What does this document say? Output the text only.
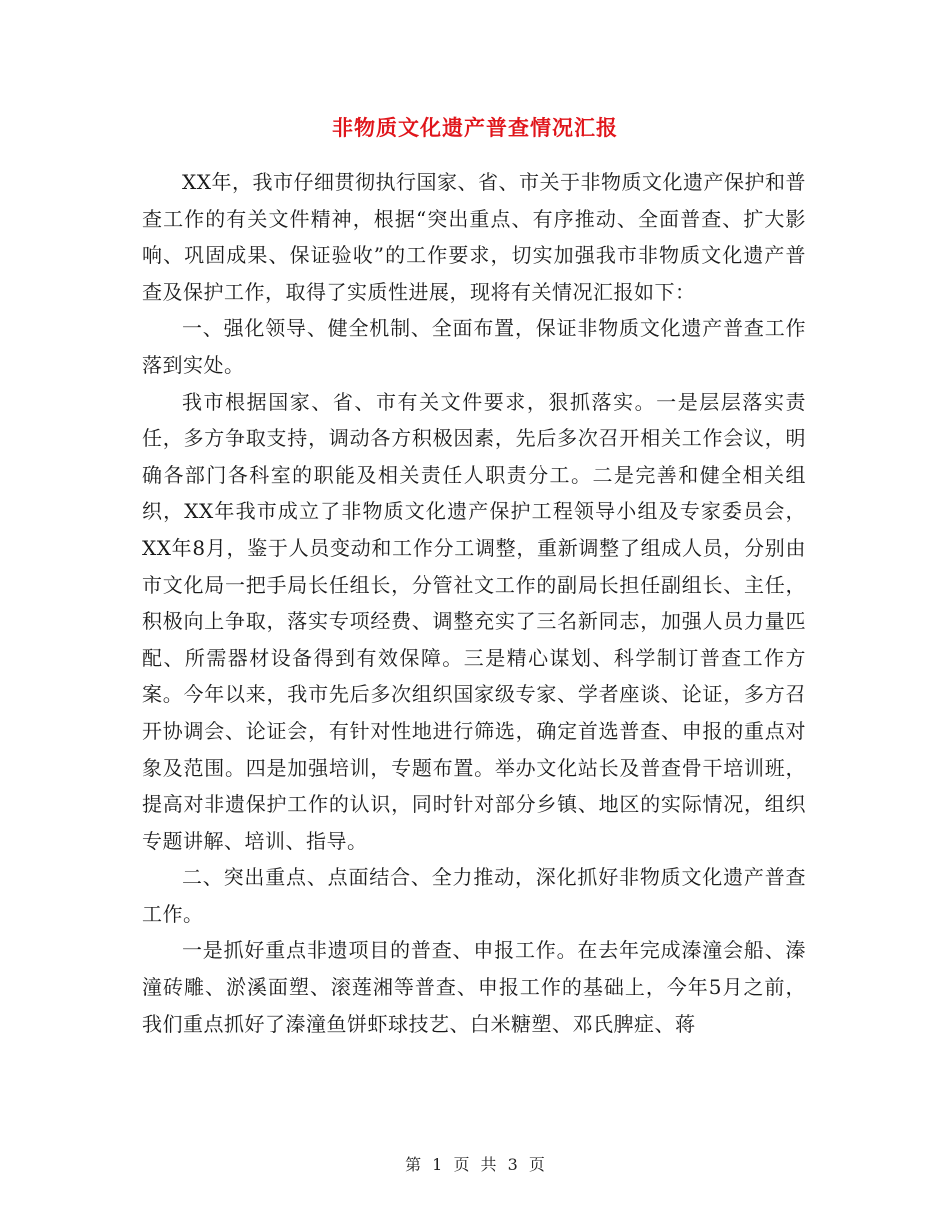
非物质文化遗产普查情况汇报

XX年，我市仔细贯彻执行国家、省、市关于非物质文化遗产保护和普查工作的有关文件精神，根据“突出重点、有序推动、全面普查、扩大影响、巩固成果、保证验收”的工作要求，切实加强我市非物质文化遗产普查及保护工作，取得了实质性进展，现将有关情况汇报如下：

一、强化领导、健全机制、全面布置，保证非物质文化遗产普查工作落到实处。

我市根据国家、省、市有关文件要求，狠抓落实。一是层层落实责任，多方争取支持，调动各方积极因素，先后多次召开相关工作会议，明确各部门各科室的职能及相关责任人职责分工。二是完善和健全相关组织，XX年我市成立了非物质文化遗产保护工程领导小组及专家委员会，XX年8月，鉴于人员变动和工作分工调整，重新调整了组成人员，分别由市文化局一把手局长任组长，分管社文工作的副局长担任副组长、主任，积极向上争取，落实专项经费、调整充实了三名新同志，加强人员力量匹配、所需器材设备得到有效保障。三是精心谋划、科学制订普查工作方案。今年以来，我市先后多次组织国家级专家、学者座谈、论证，多方召开协调会、论证会，有针对性地进行筛选，确定首选普查、申报的重点对象及范围。四是加强培训，专题布置。举办文化站长及普查骨干培训班，提高对非遗保护工作的认识，同时针对部分乡镇、地区的实际情况，组织专题讲解、培训、指导。

二、突出重点、点面结合、全力推动，深化抓好非物质文化遗产普查工作。

一是抓好重点非遗项目的普查、申报工作。在去年完成溱潼会船、溱潼砖雕、淤溪面塑、滚莲湘等普查、申报工作的基础上，今年5月之前，我们重点抓好了溱潼鱼饼虾球技艺、白米糖塑、邓氏脾症、蒋

第 1 页 共 3 页
